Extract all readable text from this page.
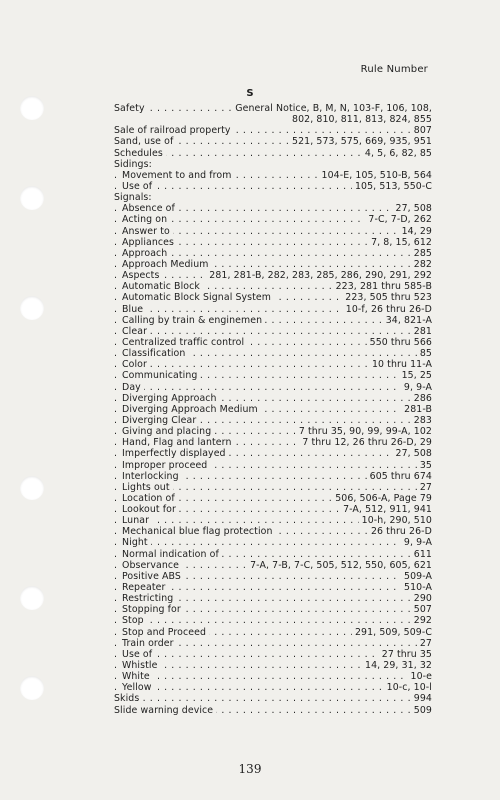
Rule Number
S
Safety	General Notice, B, M, N, 103-F, 106, 108,
. . .
802, 810, 811, 813, 824, 855
Sale of railroad property	807
. . .
Sand, use of	521, 573, 575, 669, 935, 951
. . .
Schedules	4, 5, 6, 82, 85
. . .
Sidings:
Movement to and from	104-E, 105, 510-B, 564
. . .
Use of	105, 513, 550-C
. . .
Signals:
Absence of	27, 508
. . .
Acting on	7-C, 7-D, 262
. . .
Answer to	14, 29
. . .
Appliances	7, 8, 15, 612
. . .
Approach	285
. . .
Approach Medium	282
. . .
Aspects	281, 281-B, 282, 283, 285, 286, 290, 291, 292
. . .
Automatic Block	223, 281 thru 585-B
. . .
Automatic Block Signal System	223, 505 thru 523
. . .
Blue	10-f, 26 thru 26-D
. . .
Calling by train & enginemen	34, 821-A
. . .
Clear	281
. . .
Centralized traffic control	550 thru 566
. . .
Classification	85
. . .
Color	10 thru 11-A
. . .
Communicating	15, 25
. . .
Day	9, 9-A
. . .
Diverging Approach	286
. . .
Diverging Approach Medium	281-B
. . .
Diverging Clear	283
. . .
Giving and placing	7 thru 35, 90, 99, 99-A, 102
. . .
Hand, Flag and lantern	7 thru 12, 26 thru 26-D, 29
. . .
Imperfectly displayed	27, 508
. . .
Improper proceed	35
. . .
Interlocking	605 thru 674
. . .
Lights out	27
. . .
Location of	506, 506-A, Page 79
. . .
Lookout for	7-A, 512, 911, 941
. . .
Lunar	10-h, 290, 510
. . .
Mechanical blue flag protection	26 thru 26-D
. . .
Night	9, 9-A
. . .
Normal indication of	611
. . .
Observance	7-A, 7-B, 7-C, 505, 512, 550, 605, 621
. . .
Positive ABS	509-A
. . .
Repeater	510-A
. . .
Restricting	290
. . .
Stopping for	507
. . .
Stop	292
. . .
Stop and Proceed	291, 509, 509-C
. . .
Train order	27
. . .
Use of	27 thru 35
. . .
Whistle	14, 29, 31, 32
. . .
White	10-e
. . .
Yellow	10-c, 10-l
. . .
Skids	994
. . .
Slide warning device	509
. . .
139
